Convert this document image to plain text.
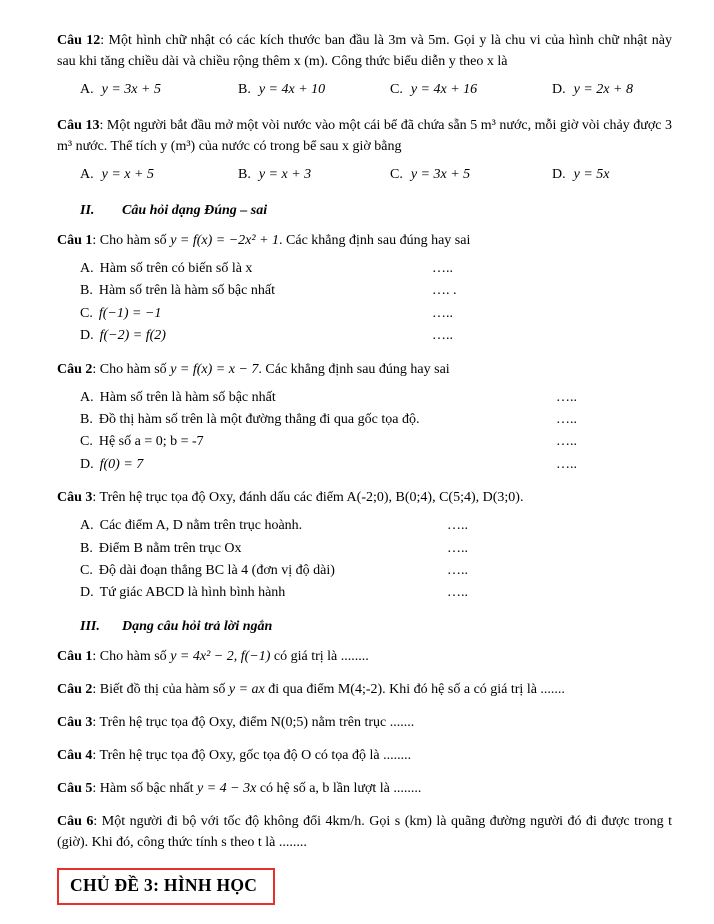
Câu 12: Một hình chữ nhật có các kích thước ban đầu là 3m và 5m. Gọi y là chu vi của hình chữ nhật này sau khi tăng chiều dài và chiều rộng thêm x (m). Công thức biểu diễn y theo x là

A. y = 3x + 5	B. y = 4x + 10	C. y = 4x + 16	D. y = 2x + 8

Câu 13: Một người bắt đầu mở một vòi nước vào một cái bể đã chứa sẵn 5 m³ nước, mỗi giờ vòi chảy được 3 m³ nước. Thể tích y (m³) của nước có trong bể sau x giờ bằng

A. y = x + 5	B. y = x + 3	C. y = 3x + 5	D. y = 5x

II. Câu hỏi dạng Đúng – sai

Câu 1: Cho hàm số y = f(x) = −2x² + 1. Các khẳng định sau đúng hay sai

A. Hàm số trên có biến số là x	…..
B. Hàm số trên là hàm số bậc nhất	…. .
C. f(−1) = −1	…..
D. f(−2) = f(2)	…..

Câu 2: Cho hàm số y = f(x) = x − 7. Các khẳng định sau đúng hay sai

A. Hàm số trên là hàm số bậc nhất	…..
B. Đồ thị hàm số trên là một đường thẳng đi qua gốc tọa độ.	…..
C. Hệ số a = 0; b = -7	…..
D. f(0) = 7	…..

Câu 3: Trên hệ trục tọa độ Oxy, đánh dấu các điểm A(-2;0), B(0;4), C(5;4), D(3;0).

A. Các điểm A, D nằm trên trục hoành.	…..
B. Điểm B nằm trên trục Ox	…..
C. Độ dài đoạn thẳng BC là 4 (đơn vị độ dài)	…..
D. Tứ giác ABCD là hình bình hành	…..

III. Dạng câu hỏi trả lời ngắn

Câu 1: Cho hàm số y = 4x² − 2, f(−1) có giá trị là ........

Câu 2: Biết đồ thị của hàm số y = ax đi qua điểm M(4;-2). Khi đó hệ số a có giá trị là .......

Câu 3: Trên hệ trục tọa độ Oxy, điểm N(0;5) nằm trên trục .......

Câu 4: Trên hệ trục tọa độ Oxy, gốc tọa độ O có tọa độ là ........

Câu 5: Hàm số bậc nhất y = 4 − 3x có hệ số a, b lần lượt là ........

Câu 6: Một người đi bộ với tốc độ không đổi 4km/h. Gọi s (km) là quãng đường người đó đi được trong t (giờ). Khi đó, công thức tính s theo t là ........

CHỦ ĐỀ 3: HÌNH HỌC
